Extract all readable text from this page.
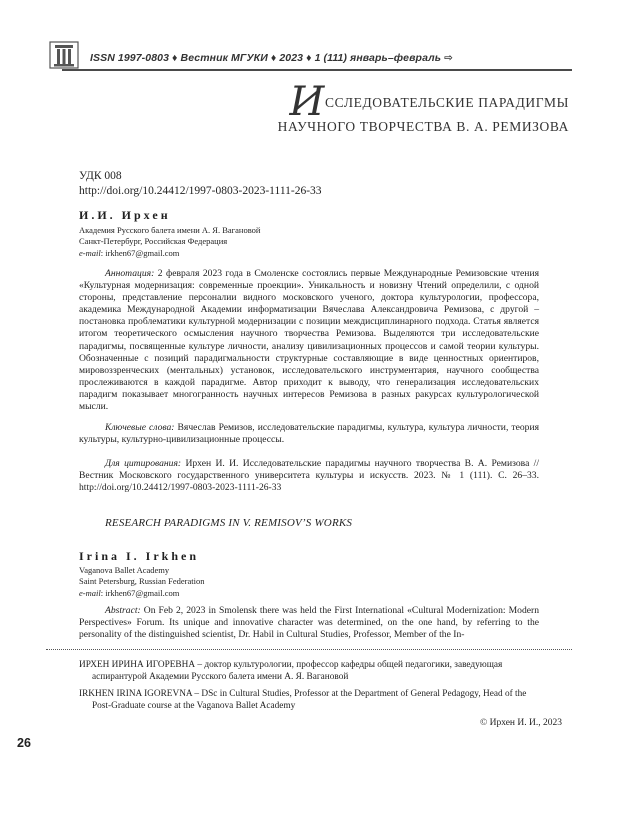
ISSN 1997-0803 ♦ Вестник МГУКИ ♦ 2023 ♦ 1 (111) январь–февраль ⇨
ИССЛЕДОВАТЕЛЬСКИЕ ПАРАДИГМЫ
НАУЧНОГО ТВОРЧЕСТВА В. А. РЕМИЗОВА
УДК 008
http://doi.org/10.24412/1997-0803-2023-1111-26-33
И.И. Ирхен
Академия Русского балета имени А. Я. Вагановой
Санкт-Петербург, Российская Федерация
e-mail: irkhen67@gmail.com
Аннотация: 2 февраля 2023 года в Смоленске состоялись первые Международные Ремизовские чтения «Культурная модернизация: современные проекции». Уникальность и новизну Чтений определили, с одной стороны, представление персоналии видного московского ученого, доктора культурологии, профессора, академика Международной Академии информатизации Вячеслава Александровича Ремизова, с другой – постановка проблематики культурной модернизации с позиции междисциплинарного подхода. Статья является итогом теоретического осмысления научного творчества Ремизова. Выделяются три исследовательские парадигмы, посвященные культуре личности, анализу цивилизационных процессов и самой теории культуры. Обозначенные с позиций парадигмальности структурные составляющие в виде ценностных ориентиров, мировоззренческих (ментальных) установок, исследовательского инструментария, научного сообщества прослеживаются в каждой парадигме. Автор приходит к выводу, что генерализация исследовательских парадигм показывает многогранность научных интересов Ремизова в разных ракурсах культурологической мысли.
Ключевые слова: Вячеслав Ремизов, исследовательские парадигмы, культура, культура личности, теория культуры, культурно-цивилизационные процессы.
Для цитирования: Ирхен И. И. Исследовательские парадигмы научного творчества В. А. Ремизова // Вестник Московского государственного университета культуры и искусств. 2023. № 1 (111). С. 26–33. http://doi.org/10.24412/1997-0803-2023-1111-26-33
RESEARCH PARADIGMS IN V. REMISOV’S WORKS
Irina I. Irkhen
Vaganova Ballet Academy
Saint Petersburg, Russian Federation
e-mail: irkhen67@gmail.com
Abstract: On Feb 2, 2023 in Smolensk there was held the First International «Cultural Modernization: Modern Perspectives» Forum. Its unique and innovative character was determined, on the one hand, by referring to the personality of the distinguished scientist, Dr. Habil in Cultural Studies, Professor, Member of the In-
ИРХЕН ИРИНА ИГОРЕВНА – доктор культурологии, профессор кафедры общей педагогики, заведующая аспирантурой Академии Русского балета имени А. Я. Вагановой
IRKHEN IRINA IGOREVNA – DSc in Cultural Studies, Professor at the Department of General Pedagogy, Head of the Post-Graduate course at the Vaganova Ballet Academy
© Ирхен И. И., 2023
26
